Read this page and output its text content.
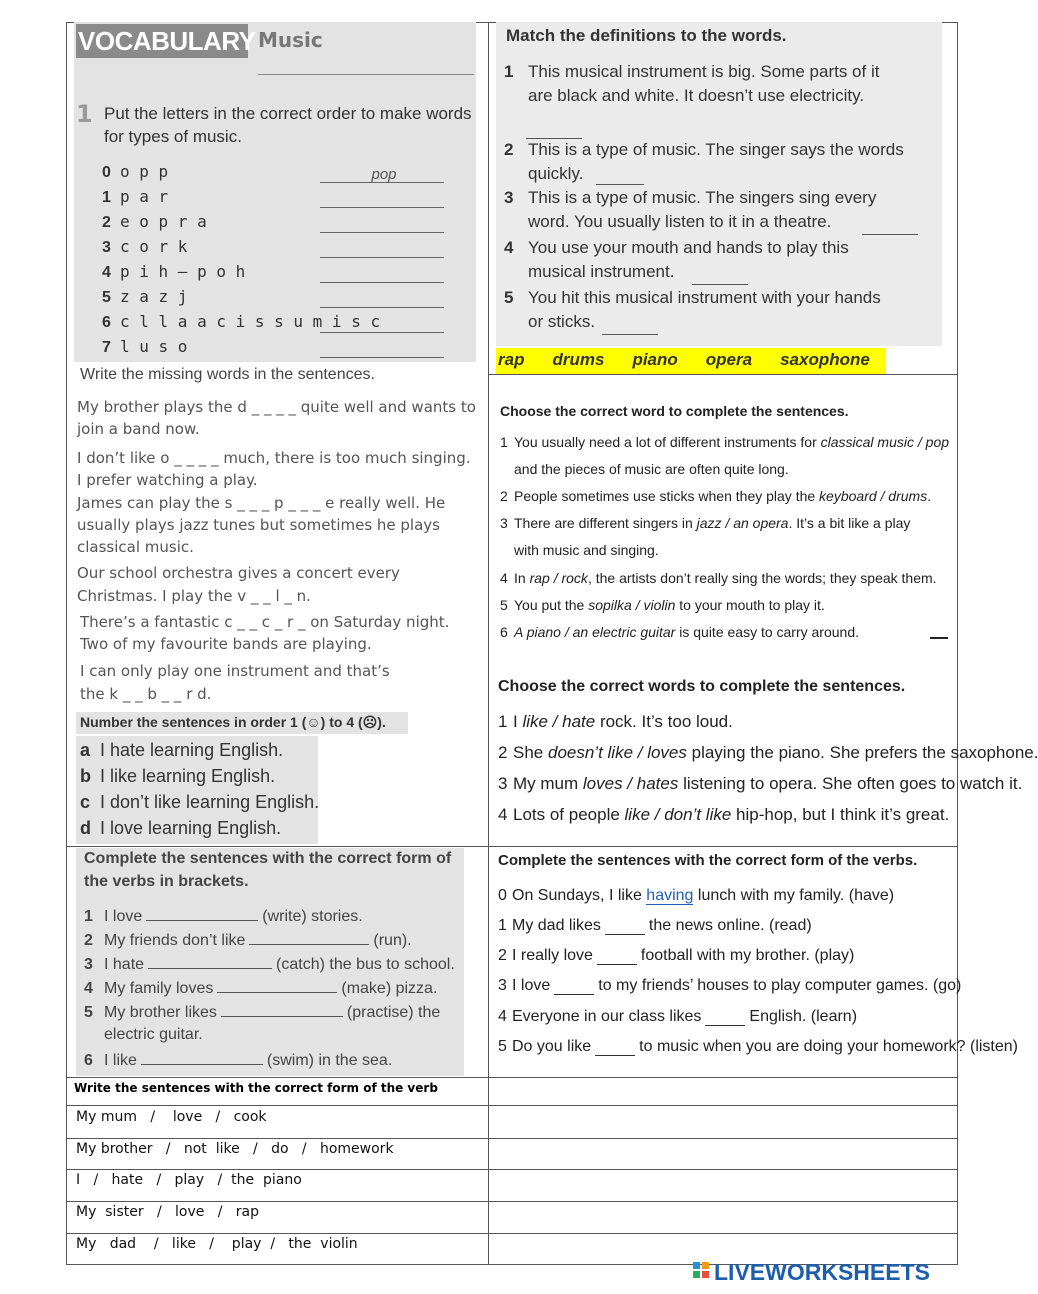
VOCABULARY Music
1 Put the letters in the correct order to make words
for types of music.
0 o p p
pop
1 p a r
2 e o p r a
3 c o r k
4 p i h – p o h
5 z a z j
6 c l l a a c i s s u m i s c
7 l u s o
Match the definitions to the words.
1 This musical instrument is big. Some parts of it
are black and white. It doesn’t use electricity.
2 This is a type of music. The singer says the words
quickly.
3 This is a type of music. The singers sing every
word. You usually listen to it in a theatre.
4 You use your mouth and hands to play this
musical instrument.
5 You hit this musical instrument with your hands
or sticks.
rap drums piano opera saxophone
Write the missing words in the sentences.
My brother plays the d _ _ _ _ quite well and wants to
join a band now.
I don’t like o _ _ _ _ much, there is too much singing.
I prefer watching a play.
James can play the s _ _ _ p _ _ _ e really well. He
usually plays jazz tunes but sometimes he plays
classical music.
Our school orchestra gives a concert every
Christmas. I play the v _ _ l _ n.
There’s a fantastic c _ _ c _ r _ on Saturday night.
Two of my favourite bands are playing.
I can only play one instrument and that’s
the k _ _ b _ _ r d.
Number the sentences in order 1 (☺) to 4 (☹).
a I hate learning English.
b I like learning English.
c I don’t like learning English.
d I love learning English.
Choose the correct word to complete the sentences.
1 You usually need a lot of different instruments for classical music / pop
and the pieces of music are often quite long.
2 People sometimes use sticks when they play the keyboard / drums.
3 There are different singers in jazz / an opera. It’s a bit like a play
with music and singing.
4 In rap / rock, the artists don’t really sing the words; they speak them.
5 You put the sopilka / violin to your mouth to play it.
6 A piano / an electric guitar is quite easy to carry around.
Choose the correct words to complete the sentences.
1 I like / hate rock. It’s too loud.
2 She doesn’t like / loves playing the piano. She prefers the saxophone.
3 My mum loves / hates listening to opera. She often goes to watch it.
4 Lots of people like / don’t like hip-hop, but I think it’s great.
Complete the sentences with the correct form of
the verbs in brackets.
1 I love	(write) stories.
2 My friends don’t like	(run).
3 I hate	(catch) the bus to school.
4 My family loves	(make) pizza.
5 My brother likes	(practise) the
electric guitar.
6 I like	(swim) in the sea.
Complete the sentences with the correct form of the verbs.
0 On Sundays, I like having lunch with my family. (have)
1 My dad likes	the news online. (read)
2 I really love	football with my brother. (play)
3 I love	to my friends’ houses to play computer games. (go)
4 Everyone in our class likes	English. (learn)
5 Do you like	to music when you are doing your homework? (listen)
Write the sentences with the correct form of the verb
My mum   /    love   /   cook
My brother   /   not  like   /   do   /   homework
I   /   hate   /   play   /  the  piano
My  sister   /   love   /   rap
My   dad    /   like   /    play  /   the  violin

LIVEWORKSHEETS
